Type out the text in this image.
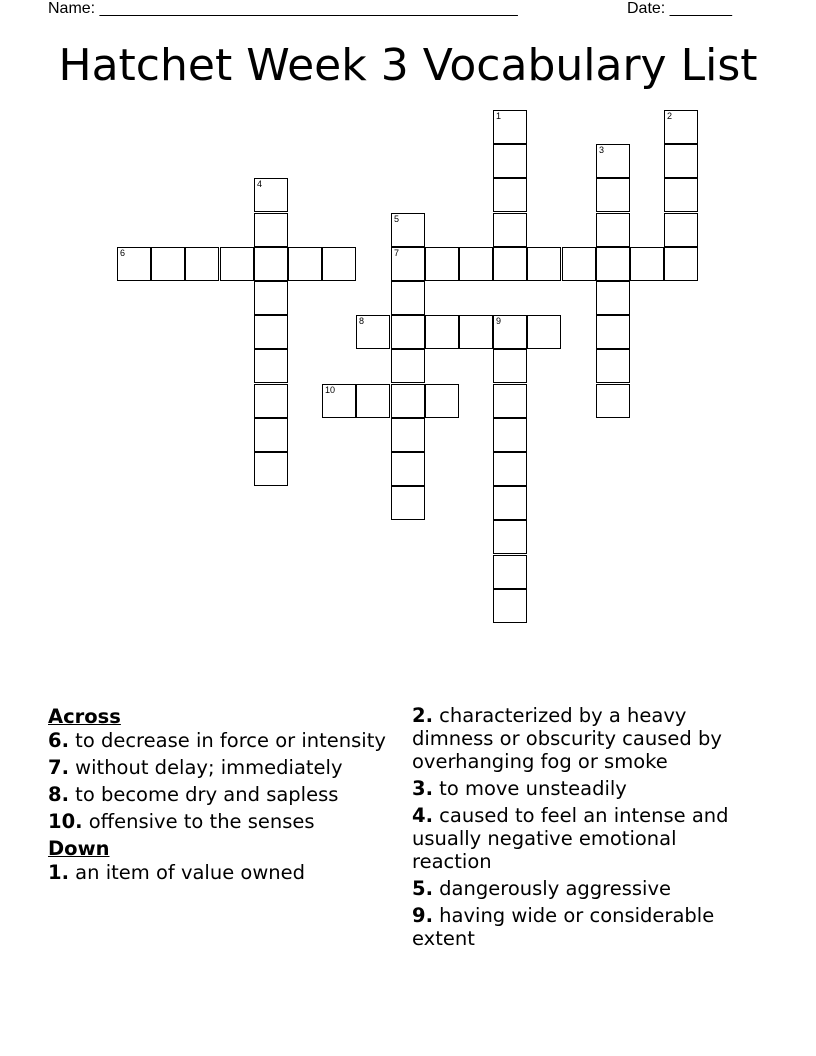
Name: _______________________________________________	Date: _______
Hatchet Week 3 Vocabulary List
1	2
3
4
5
6	7
8	9
10
Across
6. to decrease in force or intensity
7. without delay; immediately
8. to become dry and sapless
10. offensive to the senses
Down
1. an item of value owned
2. characterized by a heavy dimness or obscurity caused by overhanging fog or smoke
3. to move unsteadily
4. caused to feel an intense and usually negative emotional reaction
5. dangerously aggressive
9. having wide or considerable extent
